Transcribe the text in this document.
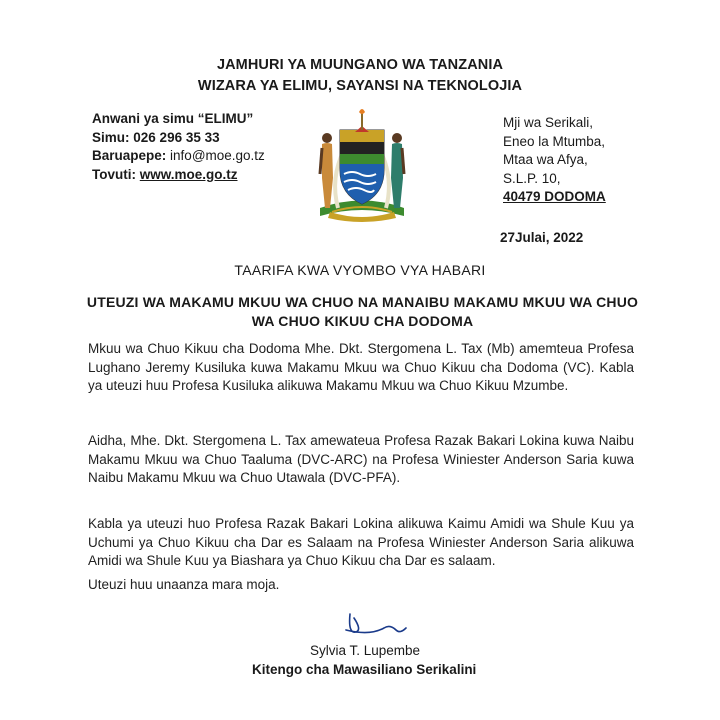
JAMHURI YA MUUNGANO WA TANZANIA
WIZARA YA ELIMU, SAYANSI NA TEKNOLOJIA
Anwani ya simu “ELIMU”
Simu: 026 296 35 33
Baruapepe: info@moe.go.tz
Tovuti: www.moe.go.tz
Mji wa Serikali,
Eneo la Mtumba,
Mtaa wa Afya,
S.L.P. 10,
40479 DODOMA
27Julai, 2022
TAARIFA KWA VYOMBO VYA HABARI
UTEUZI WA MAKAMU MKUU WA CHUO NA MANAIBU MAKAMU MKUU WA CHUO WA CHUO KIKUU CHA DODOMA
Mkuu wa Chuo Kikuu cha Dodoma Mhe. Dkt. Stergomena L. Tax (Mb) amemteua Profesa Lughano Jeremy Kusiluka kuwa Makamu Mkuu wa Chuo Kikuu cha Dodoma (VC). Kabla ya uteuzi huu Profesa Kusiluka alikuwa Makamu Mkuu wa Chuo Kikuu Mzumbe.
Aidha, Mhe. Dkt. Stergomena L. Tax amewateua Profesa Razak Bakari Lokina kuwa Naibu Makamu Mkuu wa Chuo Taaluma (DVC-ARC) na Profesa Winiester Anderson Saria kuwa Naibu Makamu Mkuu wa Chuo Utawala (DVC-PFA).
Kabla ya uteuzi huo Profesa Razak Bakari Lokina alikuwa Kaimu Amidi wa Shule Kuu ya Uchumi ya Chuo Kikuu cha Dar es Salaam na Profesa Winiester Anderson Saria alikuwa Amidi wa Shule Kuu ya Biashara ya Chuo Kikuu cha Dar es salaam.
Uteuzi huu unaanza mara moja.
Sylvia T. Lupembe
Kitengo cha Mawasiliano Serikalini
